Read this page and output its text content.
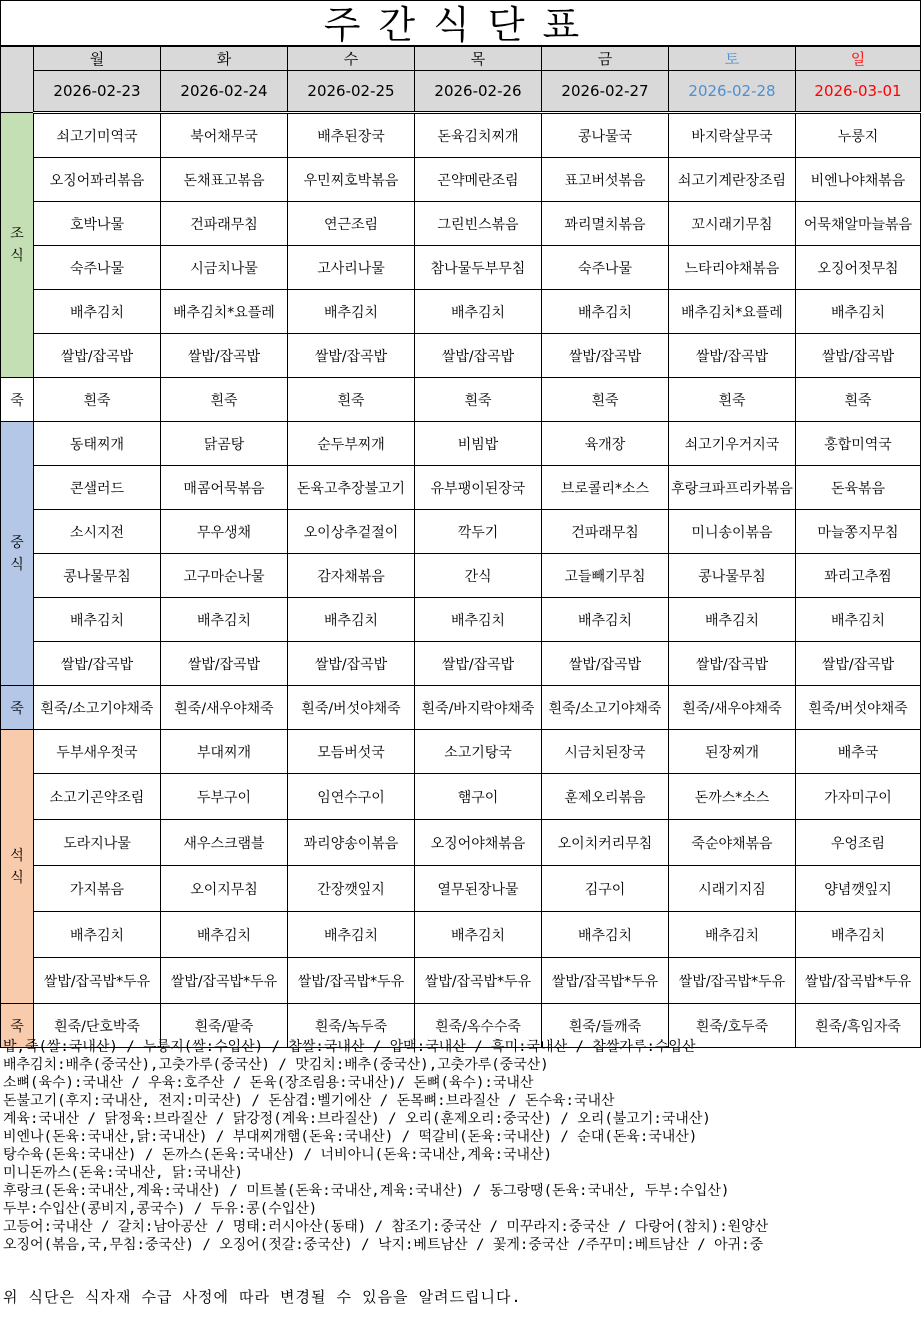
주간식단표
	월	화	수	목	금	토	일
	2026-02-23	2026-02-24	2026-02-25	2026-02-26	2026-02-27	2026-02-28	2026-03-01
조
식	쇠고기미역국	북어채무국	배추된장국	돈육김치찌개	콩나물국	바지락살무국	누룽지
	오징어꽈리볶음	돈채표고볶음	우민찌호박볶음	곤약메란조림	표고버섯볶음	쇠고기계란장조림	비엔나야채볶음
	호박나물	건파래무침	연근조림	그린빈스볶음	꽈리멸치볶음	꼬시래기무침	어묵채알마늘볶음
	숙주나물	시금치나물	고사리나물	참나물두부무침	숙주나물	느타리야채볶음	오징어젓무침
	배추김치	배추김치*요플레	배추김치	배추김치	배추김치	배추김치*요플레	배추김치
	쌀밥/잡곡밥	쌀밥/잡곡밥	쌀밥/잡곡밥	쌀밥/잡곡밥	쌀밥/잡곡밥	쌀밥/잡곡밥	쌀밥/잡곡밥
죽	흰죽	흰죽	흰죽	흰죽	흰죽	흰죽	흰죽
중
식	동태찌개	닭곰탕	순두부찌개	비빔밥	육개장	쇠고기우거지국	홍합미역국
	콘샐러드	매콤어묵볶음	돈육고추장불고기	유부팽이된장국	브로콜리*소스	후랑크파프리카볶음	돈육볶음
	소시지전	무우생채	오이상추겉절이	깍두기	건파래무침	미니송이볶음	마늘쫑지무침
	콩나물무침	고구마순나물	감자채볶음	간식	고들빼기무침	콩나물무침	꽈리고추찜
	배추김치	배추김치	배추김치	배추김치	배추김치	배추김치	배추김치
	쌀밥/잡곡밥	쌀밥/잡곡밥	쌀밥/잡곡밥	쌀밥/잡곡밥	쌀밥/잡곡밥	쌀밥/잡곡밥	쌀밥/잡곡밥
죽	흰죽/소고기야채죽	흰죽/새우야채죽	흰죽/버섯야채죽	흰죽/바지락야채죽	흰죽/소고기야채죽	흰죽/새우야채죽	흰죽/버섯야채죽
석
식	두부새우젓국	부대찌개	모듬버섯국	소고기탕국	시금치된장국	된장찌개	배추국
	소고기곤약조림	두부구이	임연수구이	햄구이	훈제오리볶음	돈까스*소스	가자미구이
	도라지나물	새우스크램블	꽈리양송이볶음	오징어야채볶음	오이치커리무침	죽순야채볶음	우엉조림
	가지볶음	오이지무침	간장깻잎지	열무된장나물	김구이	시래기지짐	양념깻잎지
	배추김치	배추김치	배추김치	배추김치	배추김치	배추김치	배추김치
	쌀밥/잡곡밥*두유	쌀밥/잡곡밥*두유	쌀밥/잡곡밥*두유	쌀밥/잡곡밥*두유	쌀밥/잡곡밥*두유	쌀밥/잡곡밥*두유	쌀밥/잡곡밥*두유
죽	흰죽/단호박죽	흰죽/팥죽	흰죽/녹두죽	흰죽/옥수수죽	흰죽/들깨죽	흰죽/호두죽	흰죽/흑임자죽
밥,죽(쌀:국내산) / 누룽지(쌀:수입산) / 찹쌀:국내산 / 압맥:국내산 / 흑미:국내산 / 찹쌀가루:수입산
배추김치:배추(중국산),고춧가루(중국산) / 맛김치:배추(중국산),고춧가루(중국산)
소뼈(육수):국내산 / 우육:호주산 / 돈육(장조림용:국내산)/ 돈뼈(육수):국내산
돈불고기(후지:국내산, 전지:미국산) / 돈삼겹:벨기에산 / 돈목뼈:브라질산 / 돈수육:국내산
계육:국내산 / 닭정육:브라질산 / 닭강정(계육:브라질산) / 오리(훈제오리:중국산) / 오리(불고기:국내산)
비엔나(돈육:국내산,닭:국내산) / 부대찌개햄(돈육:국내산) / 떡갈비(돈육:국내산) / 순대(돈육:국내산)
탕수육(돈육:국내산) / 돈까스(돈육:국내산) / 너비아니(돈육:국내산,계육:국내산)
미니돈까스(돈육:국내산, 닭:국내산)
후랑크(돈육:국내산,계육:국내산) / 미트볼(돈육:국내산,계육:국내산) / 동그랑땡(돈육:국내산, 두부:수입산)
두부:수입산(콩비지,콩국수) / 두유:콩(수입산)
고등어:국내산 / 갈치:남아공산 / 명태:러시아산(동태) / 참조기:중국산 / 미꾸라지:중국산 / 다랑어(참치):원양산
오징어(볶음,국,무침:중국산) / 오징어(젓갈:중국산) / 낙지:베트남산 / 꽃게:중국산 /주꾸미:베트남산 / 아귀:중
위 식단은 식자재 수급 사정에 따라 변경될 수 있음을 알려드립니다.
